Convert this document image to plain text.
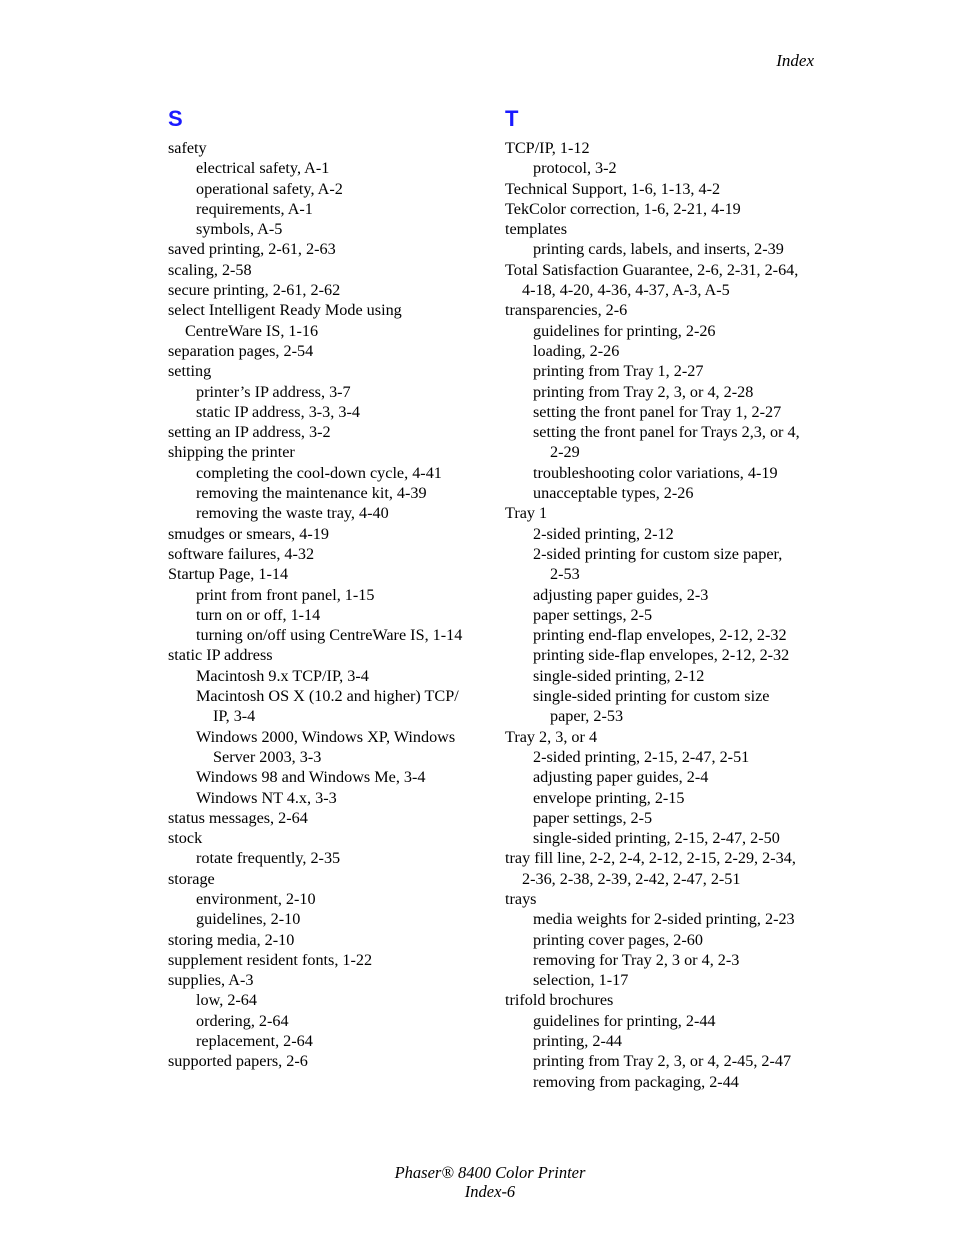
Index
S
safety
electrical safety, A-1
operational safety, A-2
requirements, A-1
symbols, A-5
saved printing, 2-61, 2-63
scaling, 2-58
secure printing, 2-61, 2-62
select Intelligent Ready Mode using
CentreWare IS, 1-16
separation pages, 2-54
setting
printer’s IP address, 3-7
static IP address, 3-3, 3-4
setting an IP address, 3-2
shipping the printer
completing the cool-down cycle, 4-41
removing the maintenance kit, 4-39
removing the waste tray, 4-40
smudges or smears, 4-19
software failures, 4-32
Startup Page, 1-14
print from front panel, 1-15
turn on or off, 1-14
turning on/off using CentreWare IS, 1-14
static IP address
Macintosh 9.x TCP/IP, 3-4
Macintosh OS X (10.2 and higher) TCP/
IP, 3-4
Windows 2000, Windows XP, Windows
Server 2003, 3-3
Windows 98 and Windows Me, 3-4
Windows NT 4.x, 3-3
status messages, 2-64
stock
rotate frequently, 2-35
storage
environment, 2-10
guidelines, 2-10
storing media, 2-10
supplement resident fonts, 1-22
supplies, A-3
low, 2-64
ordering, 2-64
replacement, 2-64
supported papers, 2-6
T
TCP/IP, 1-12
protocol, 3-2
Technical Support, 1-6, 1-13, 4-2
TekColor correction, 1-6, 2-21, 4-19
templates
printing cards, labels, and inserts, 2-39
Total Satisfaction Guarantee, 2-6, 2-31, 2-64,
4-18, 4-20, 4-36, 4-37, A-3, A-5
transparencies, 2-6
guidelines for printing, 2-26
loading, 2-26
printing from Tray 1, 2-27
printing from Tray 2, 3, or 4, 2-28
setting the front panel for Tray 1, 2-27
setting the front panel for Trays 2,3, or 4,
2-29
troubleshooting color variations, 4-19
unacceptable types, 2-26
Tray 1
2-sided printing, 2-12
2-sided printing for custom size paper,
2-53
adjusting paper guides, 2-3
paper settings, 2-5
printing end-flap envelopes, 2-12, 2-32
printing side-flap envelopes, 2-12, 2-32
single-sided printing, 2-12
single-sided printing for custom size
paper, 2-53
Tray 2, 3, or 4
2-sided printing, 2-15, 2-47, 2-51
adjusting paper guides, 2-4
envelope printing, 2-15
paper settings, 2-5
single-sided printing, 2-15, 2-47, 2-50
tray fill line, 2-2, 2-4, 2-12, 2-15, 2-29, 2-34,
2-36, 2-38, 2-39, 2-42, 2-47, 2-51
trays
media weights for 2-sided printing, 2-23
printing cover pages, 2-60
removing for Tray 2, 3 or 4, 2-3
selection, 1-17
trifold brochures
guidelines for printing, 2-44
printing, 2-44
printing from Tray 2, 3, or 4, 2-45, 2-47
removing from packaging, 2-44
Phaser® 8400 Color Printer
Index-6
